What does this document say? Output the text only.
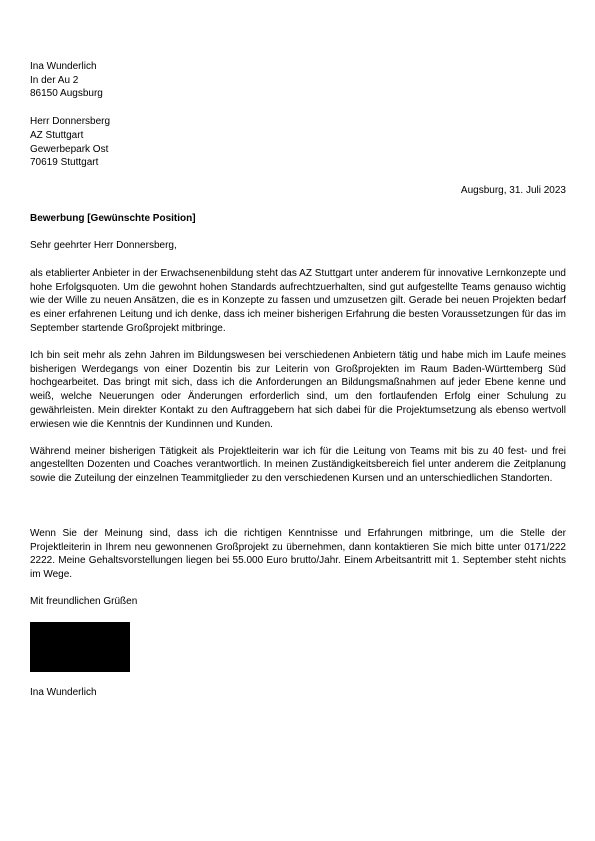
Ina Wunderlich
In der Au 2
86150 Augsburg
Herr Donnersberg
AZ Stuttgart
Gewerbepark Ost
70619 Stuttgart
Augsburg, 31. Juli 2023
Bewerbung [Gewünschte Position]
Sehr geehrter Herr Donnersberg,

als etablierter Anbieter in der Erwachsenenbildung steht das AZ Stuttgart unter anderem für innovative Lernkonzepte und hohe Erfolgsquoten. Um die gewohnt hohen Standards aufrechtzuerhalten, sind gut aufgestellte Teams genauso wichtig wie der Wille zu neuen Ansätzen, die es in Konzepte zu fassen und umzusetzen gilt. Gerade bei neuen Projekten bedarf es einer erfahrenen Leitung und ich denke, dass ich meiner bisherigen Erfahrung die besten Voraussetzungen für das im September startende Großprojekt mitbringe.

Ich bin seit mehr als zehn Jahren im Bildungswesen bei verschiedenen Anbietern tätig und habe mich im Laufe meines bisherigen Werdegangs von einer Dozentin bis zur Leiterin von Großprojekten im Raum Baden-Württemberg Süd hochgearbeitet. Das bringt mit sich, dass ich die Anforderungen an Bildungsmaßnahmen auf jeder Ebene kenne und weiß, welche Neuerungen oder Änderungen erforderlich sind, um den fortlaufenden Erfolg einer Schulung zu gewährleisten. Mein direkter Kontakt zu den Auftraggebern hat sich dabei für die Projektumsetzung als ebenso wertvoll erwiesen wie die Kenntnis der Kundinnen und Kunden.

Während meiner bisherigen Tätigkeit als Projektleiterin war ich für die Leitung von Teams mit bis zu 40 fest- und frei angestellten Dozenten und Coaches verantwortlich. In meinen Zuständigkeitsbereich fiel unter anderem die Zeitplanung sowie die Zuteilung der einzelnen Teammitglieder zu den verschiedenen Kursen und an unterschiedlichen Standorten.

Wenn Sie der Meinung sind, dass ich die richtigen Kenntnisse und Erfahrungen mitbringe, um die Stelle der Projektleiterin in Ihrem neu gewonnenen Großprojekt zu übernehmen, dann kontaktieren Sie mich bitte unter 0171/222 2222. Meine Gehaltsvorstellungen liegen bei 55.000 Euro brutto/Jahr. Einem Arbeitsantritt mit 1. September steht nichts im Wege.

Mit freundlichen Grüßen
Ina Wunderlich
